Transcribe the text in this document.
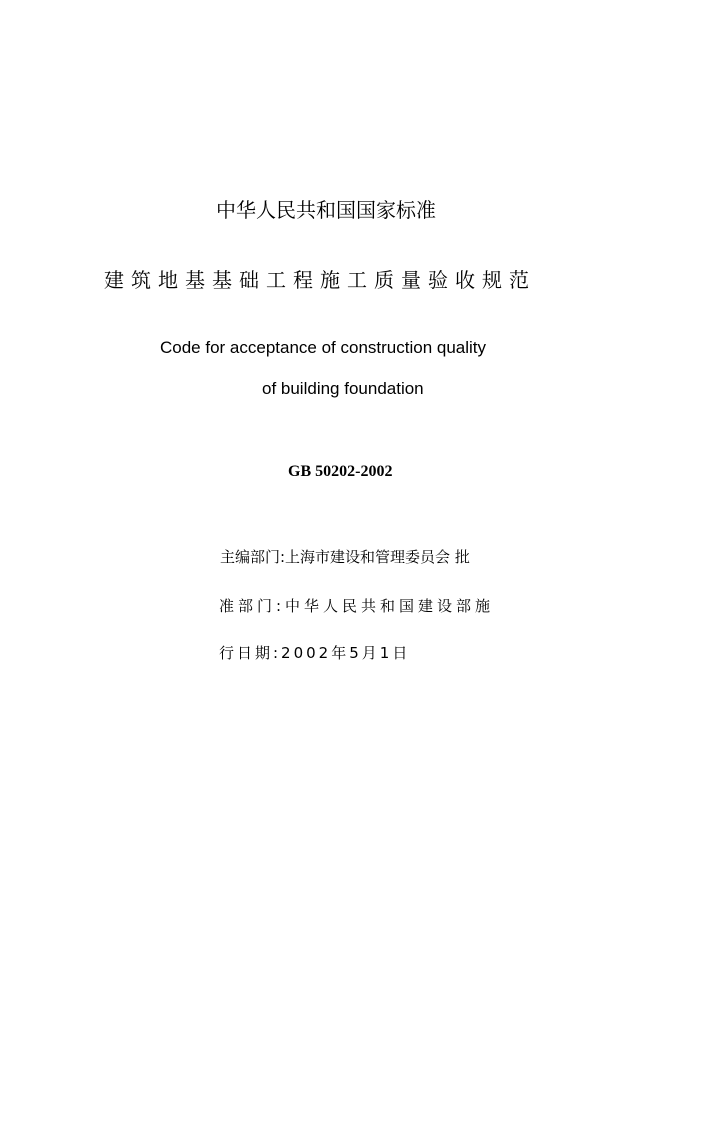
中华人民共和国国家标准
建筑地基基础工程施工质量验收规范
Code for acceptance of construction quality
of building foundation
GB 50202-2002
主编部门:上海市建设和管理委员会 批
准部门:中华人民共和国建设部施
行日期:2002年5月1日
